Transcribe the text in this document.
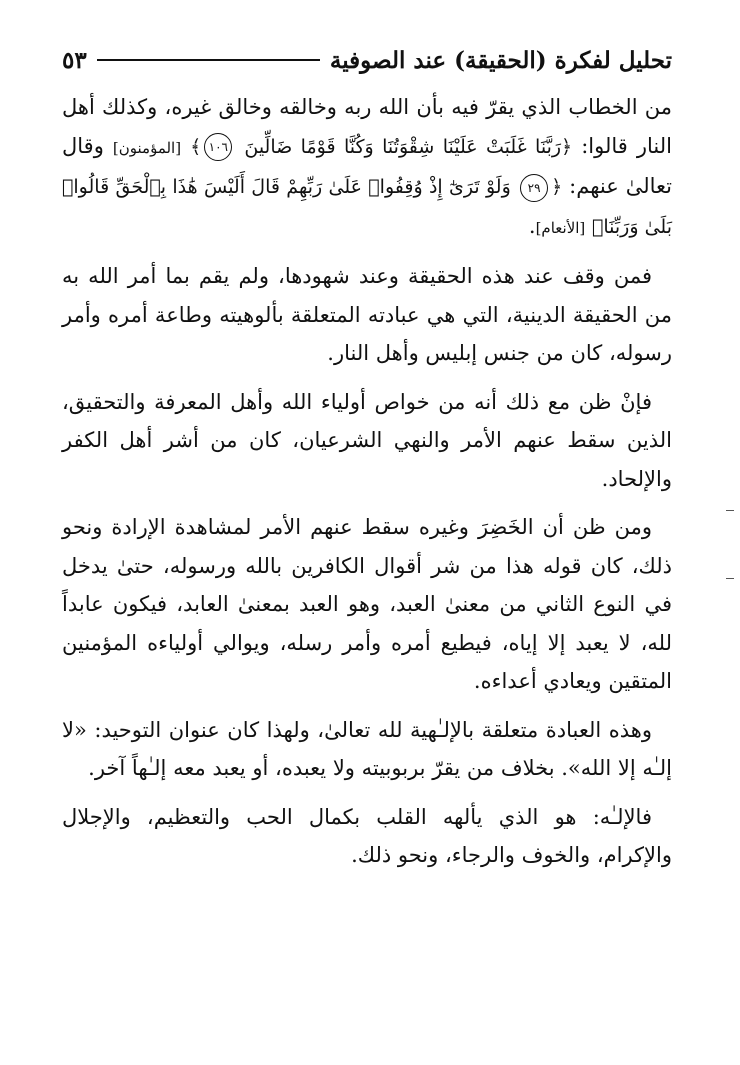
تحليل لفكرة (الحقيقة) عند الصوفية
٥٣

من الخطاب الذي يقرّ فيه بأن الله ربه وخالقه وخالق غيره، وكذلك أهل النار قالوا: ﴿رَبَّنَا غَلَبَتْ عَلَيْنَا شِقْوَتُنَا وَكُنَّا قَوْمًا ضَالِّينَ ١٠٦﴾ [المؤمنون] وقال تعالىٰ عنهم: ﴿٢٩ وَلَوْ تَرَىٰٓ إِذْ وُقِفُوا۟ عَلَىٰ رَبِّهِمْ قَالَ أَلَيْسَ هَٰذَا بِٱلْحَقِّ قَالُوا۟ بَلَىٰ وَرَبِّنَا﴾ [الأنعام].

فمن وقف عند هذه الحقيقة وعند شهودها، ولم يقم بما أمر الله به من الحقيقة الدينية، التي هي عبادته المتعلقة بألوهيته وطاعة أمره وأمر رسوله، كان من جنس إبليس وأهل النار.

فإنْ ظن مع ذلك أنه من خواص أولياء الله وأهل المعرفة والتحقيق، الذين سقط عنهم الأمر والنهي الشرعيان، كان من أشر أهل الكفر والإلحاد.

ومن ظن أن الخَضِرَ وغيره سقط عنهم الأمر لمشاهدة الإرادة ونحو ذلك، كان قوله هذا من شر أقوال الكافرين بالله ورسوله، حتىٰ يدخل في النوع الثاني من معنىٰ العبد، وهو العبد بمعنىٰ العابد، فيكون عابداً لله، لا يعبد إلا إياه، فيطيع أمره وأمر رسله، ويوالي أولياءه المؤمنين المتقين ويعادي أعداءه.

وهذه العبادة متعلقة بالإلـٰهية لله تعالىٰ، ولهذا كان عنوان التوحيد: «لا إلـٰه إلا الله». بخلاف من يقرّ بربوبيته ولا يعبده، أو يعبد معه إلـٰهاً آخر.

فالإلـٰه: هو الذي يألهه القلب بكمال الحب والتعظيم، والإجلال والإكرام، والخوف والرجاء، ونحو ذلك.
